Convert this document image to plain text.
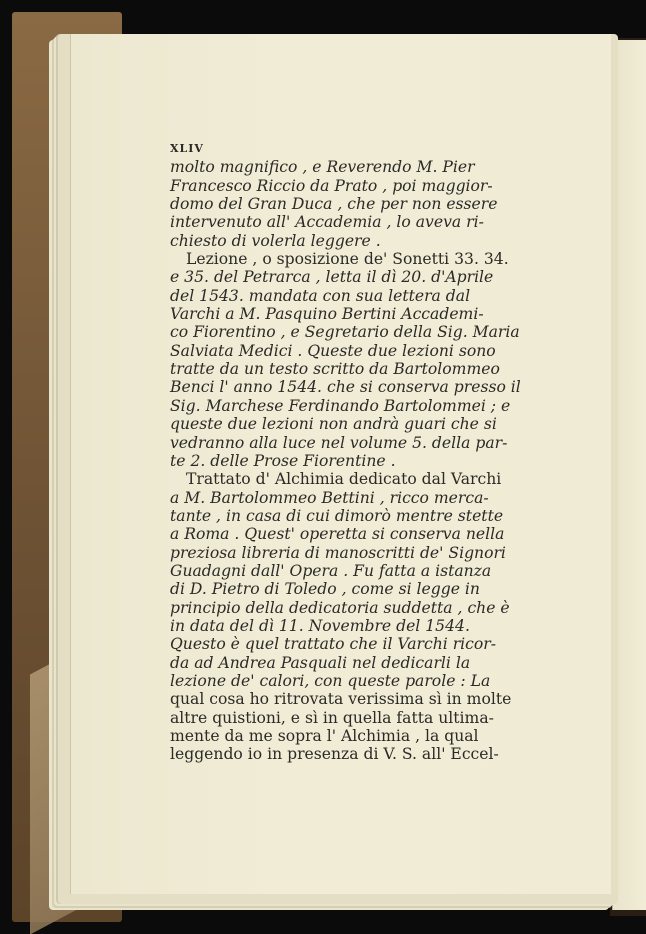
XLIV
molto magnifico , e Reverendo M. Pier
Francesco Riccio da Prato , poi maggior-
domo del Gran Duca , che per non essere
intervenuto all' Accademia , lo aveva ri-
chiesto di volerla leggere .
Lezione , o sposizione de' Sonetti 33. 34.
e 35. del Petrarca , letta il dì 20. d'Aprile
del 1543. mandata con sua lettera dal
Varchi a M. Pasquino Bertini Accademi-
co Fiorentino , e Segretario della Sig. Maria
Salviata Medici . Queste due lezioni sono
tratte da un testo scritto da Bartolommeo
Benci l' anno 1544. che si conserva presso il
Sig. Marchese Ferdinando Bartolommei ; e
queste due lezioni non andrà guari che si
vedranno alla luce nel volume 5. della par-
te 2. delle Prose Fiorentine .
Trattato d' Alchimia dedicato dal Varchi
a M. Bartolommeo Bettini , ricco merca-
tante , in casa di cui dimorò mentre stette
a Roma . Quest' operetta si conserva nella
preziosa libreria di manoscritti de' Signori
Guadagni dall' Opera . Fu fatta a istanza
di D. Pietro di Toledo , come si legge in
principio della dedicatoria suddetta , che è
in data del dì 11. Novembre del 1544.
Questo è quel trattato che il Varchi ricor-
da ad Andrea Pasquali nel dedicarli la
lezione de' calori, con queste parole : La
qual cosa ho ritrovata verissima sì in molte
altre quistioni, e sì in quella fatta ultima-
mente da me sopra l' Alchimia , la qual
leggendo io in presenza di V. S. all' Eccel-
